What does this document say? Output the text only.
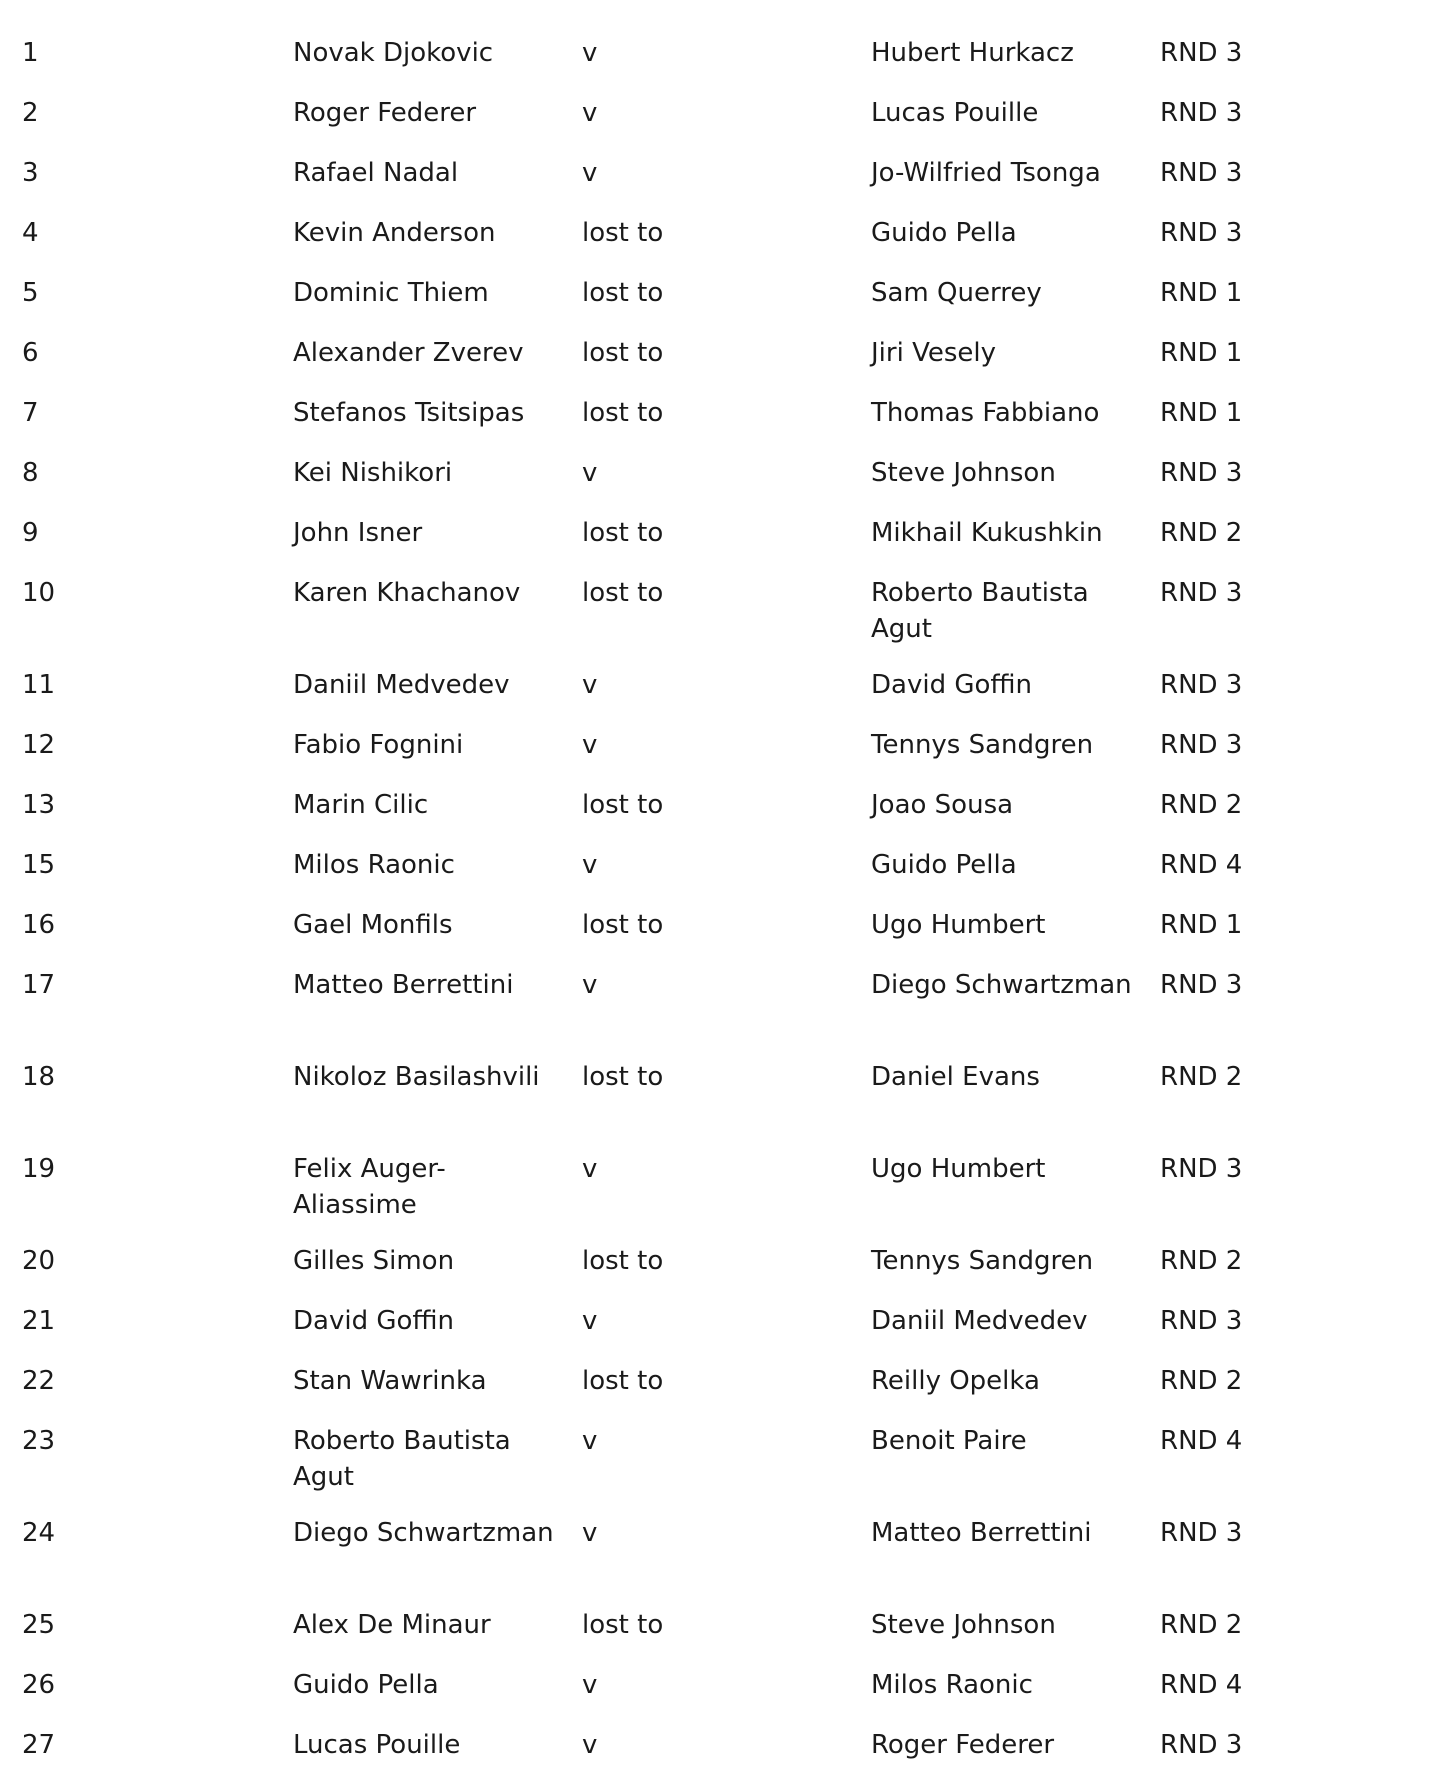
1	Novak Djokovic	v	Hubert Hurkacz	RND 3
2	Roger Federer	v	Lucas Pouille	RND 3
3	Rafael Nadal	v	Jo-Wilfried Tsonga	RND 3
4	Kevin Anderson	lost to	Guido Pella	RND 3
5	Dominic Thiem	lost to	Sam Querrey	RND 1
6	Alexander Zverev	lost to	Jiri Vesely	RND 1
7	Stefanos Tsitsipas	lost to	Thomas Fabbiano	RND 1
8	Kei Nishikori	v	Steve Johnson	RND 3
9	John Isner	lost to	Mikhail Kukushkin	RND 2
10	Karen Khachanov	lost to	Roberto Bautista Agut	RND 3
11	Daniil Medvedev	v	David Goffin	RND 3
12	Fabio Fognini	v	Tennys Sandgren	RND 3
13	Marin Cilic	lost to	Joao Sousa	RND 2
15	Milos Raonic	v	Guido Pella	RND 4
16	Gael Monfils	lost to	Ugo Humbert	RND 1
17	Matteo Berrettini	v	Diego Schwartzman	RND 3
18	Nikoloz Basilashvili	lost to	Daniel Evans	RND 2
19	Felix Auger-Aliassime	v	Ugo Humbert	RND 3
20	Gilles Simon	lost to	Tennys Sandgren	RND 2
21	David Goffin	v	Daniil Medvedev	RND 3
22	Stan Wawrinka	lost to	Reilly Opelka	RND 2
23	Roberto Bautista Agut	v	Benoit Paire	RND 4
24	Diego Schwartzman	v	Matteo Berrettini	RND 3
25	Alex De Minaur	lost to	Steve Johnson	RND 2
26	Guido Pella	v	Milos Raonic	RND 4
27	Lucas Pouille	v	Roger Federer	RND 3
